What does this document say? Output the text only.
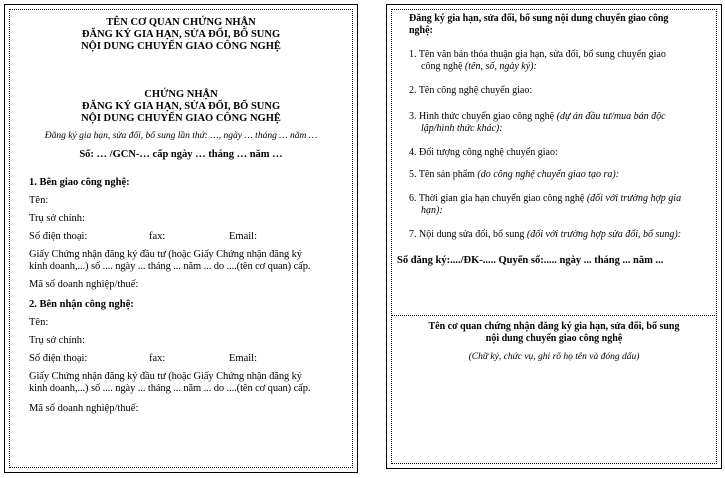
TÊN CƠ QUAN CHỨNG NHẬN
ĐĂNG KÝ GIA HẠN, SỬA ĐỔI, BỔ SUNG
NỘI DUNG CHUYỂN GIAO CÔNG NGHỆ
CHỨNG NHẬN
ĐĂNG KÝ GIA HẠN, SỬA ĐỔI, BỔ SUNG
NỘI DUNG CHUYỂN GIAO CÔNG NGHỆ
Đăng ký gia hạn, sửa đổi, bổ sung lần thứ: …, ngày … tháng … năm …
Số: … /GCN-… cấp ngày … tháng … năm …
1. Bên giao công nghệ:
Tên:
Trụ sở chính:
Số điện thoại:	fax:	Email:
Giấy Chứng nhận đăng ký đầu tư (hoặc Giấy Chứng nhận đăng ký
kinh doanh,...) số .... ngày ... tháng ... năm ... do ....(tên cơ quan) cấp.
Mã số doanh nghiệp/thuế:
2. Bên nhận công nghệ:
Tên:
Trụ sở chính:
Số điện thoại:	fax:	Email:
Giấy Chứng nhận đăng ký đầu tư (hoặc Giấy Chứng nhận đăng ký
kinh doanh,...) số .... ngày ... tháng ... năm ... do ....(tên cơ quan) cấp.
Mã số doanh nghiệp/thuế:
Đăng ký gia hạn, sửa đổi, bổ sung nội dung chuyển giao công
nghệ:
1. Tên văn bản thỏa thuận gia hạn, sửa đổi, bổ sung chuyển giao
công nghệ (tên, số, ngày ký):
2. Tên công nghệ chuyển giao:
3. Hình thức chuyển giao công nghệ (dự án đầu tư/mua bán độc
lập/hình thức khác):
4. Đối tượng công nghệ chuyển giao:
5. Tên sản phẩm (do công nghệ chuyển giao tạo ra):
6. Thời gian gia hạn chuyển giao công nghệ (đối với trường hợp gia
hạn):
7. Nội dung sửa đổi, bổ sung (đối với trường hợp sửa đổi, bổ sung):
Số đăng ký:..../ĐK-..... Quyển số:..... ngày ... tháng ... năm ...
Tên cơ quan chứng nhận đăng ký gia hạn, sửa đổi, bổ sung
nội dung chuyển giao công nghệ
(Chữ ký, chức vụ, ghi rõ họ tên và đóng dấu)
